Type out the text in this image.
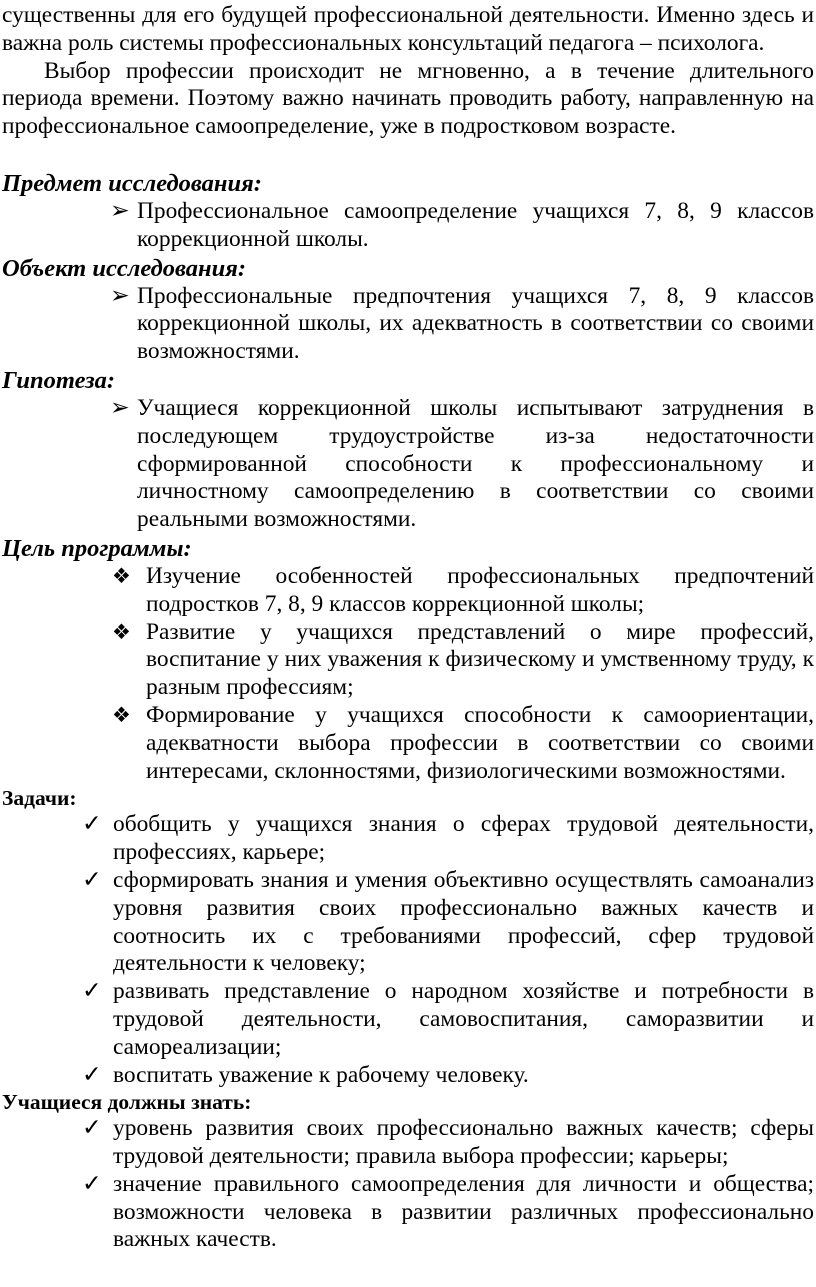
существенны для его будущей профессиональной деятельности. Именно здесь и важна роль системы профессиональных консультаций педагога – психолога.

Выбор профессии происходит не мгновенно, а в течение длительного периода времени. Поэтому важно начинать проводить работу, направленную на профессиональное самоопределение, уже в подростковом возрасте.

Предмет исследования:
➢ Профессиональное самоопределение учащихся 7, 8, 9 классов коррекционной школы.
Объект исследования:
➢ Профессиональные предпочтения учащихся 7, 8, 9 классов коррекционной школы, их адекватность в соответствии со своими возможностями.
Гипотеза:
➢ Учащиеся коррекционной школы испытывают затруднения в последующем трудоустройстве из-за недостаточности сформированной способности к профессиональному и личностному самоопределению в соответствии со своими реальными возможностями.
Цель программы:
❖ Изучение особенностей профессиональных предпочтений подростков 7, 8, 9 классов коррекционной школы;
❖ Развитие у учащихся представлений о мире профессий, воспитание у них уважения к физическому и умственному труду, к разным профессиям;
❖ Формирование у учащихся способности к самоориентации, адекватности выбора профессии в соответствии со своими интересами, склонностями, физиологическими возможностями.
Задачи:
✓ обобщить у учащихся знания о сферах трудовой деятельности, профессиях, карьере;
✓ сформировать знания и умения объективно осуществлять самоанализ уровня развития своих профессионально важных качеств и соотносить их с требованиями профессий, сфер трудовой деятельности к человеку;
✓ развивать представление о народном хозяйстве и потребности в трудовой деятельности, самовоспитания, саморазвитии и самореализации;
✓ воспитать уважение к рабочему человеку.
Учащиеся должны знать:
✓ уровень развития своих профессионально важных качеств; сферы трудовой деятельности; правила выбора профессии; карьеры;
✓ значение правильного самоопределения для личности и общества; возможности человека в развитии различных профессионально важных качеств.
